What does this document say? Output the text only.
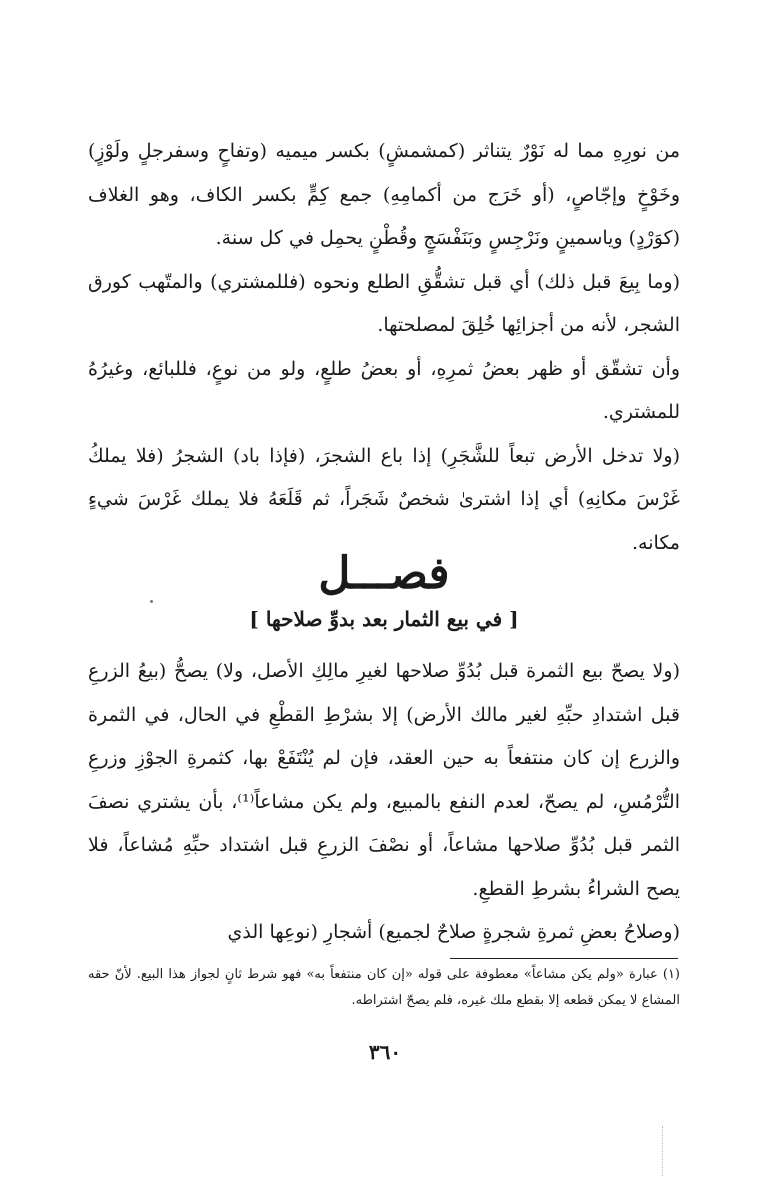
من نورِهِ مما له نَوْرٌ يتناثر (كمشمشٍ) بكسر ميميه (وتفاحٍ وسفرجلٍ ولَوْزٍ) وخَوْخٍ وإجّاصٍ، (أو خَرَج من أكمامِهِ) جمع كِمٍّ بكسر الكاف، وهو الغلاف (كوَرْدٍ) وياسمينٍ ونَرْجِسٍ وبَنَفْسَجٍ وقُطْنٍ يحمِل في كل سنة.

(وما بِيعَ قبل ذلك) أي قبل تشقُّقِ الطلع ونحوه (فللمشتري) والمتّهب كورق الشجر، لأنه من أجزائِها خُلِقَ لمصلحتها.

وأن تشقّق أو ظهر بعضُ ثمرِهِ، أو بعضُ طلعٍ، ولو من نوعٍ، فللبائع، وغيرُهُ للمشتري.

(ولا تدخل الأرض تبعاً للشَّجَرِ) إذا باع الشجرَ، (فإذا باد) الشجرُ (فلا يملكُ غَرْسَ مكانِهِ) أي إذا اشترىٰ شخصٌ شَجَراً، ثم قَلَعَهُ فلا يملك غَرْسَ شيءٍ مكانه.

فصـــل
[ في بيع الثمار بعد بدوِّ صلاحها ]

(ولا يصحّ بيع الثمرة قبل بُدُوِّ صلاحها لغيرِ مالِكِ الأصل، ولا) يصحُّ (بيعُ الزرعِ قبل اشتدادِ حبِّهِ لغير مالك الأرض) إلا بشرْطِ القطْعِ في الحال، في الثمرة والزرع إن كان منتفعاً به حين العقد، فإن لم يُنْتَفَعْ بها، كثمرةِ الجوْزِ وزرعِ التُّرْمُسِ، لم يصحّ، لعدم النفع بالمبيع، ولم يكن مشاعاً⁽¹⁾، بأن يشتري نصفَ الثمر قبل بُدُوِّ صلاحها مشاعاً، أو نصْفَ الزرعِ قبل اشتداد حبِّهِ مُشاعاً، فلا يصح الشراءُ بشرطِ القطعِ.

(وصلاحُ بعضِ ثمرةِ شجرةٍ صلاحٌ لجميع) أشجارِ (نوعِها الذي

(١) عبارة «ولم يكن مشاعاً» معطوفة على قوله «إن كان منتفعاً به» فهو شرط ثانٍ لجواز هذا البيع. لأنّ حقه المشاع لا يمكن قطعه إلا بقطع ملك غيره، فلم يصحّ اشتراطه.
٣٦٠
